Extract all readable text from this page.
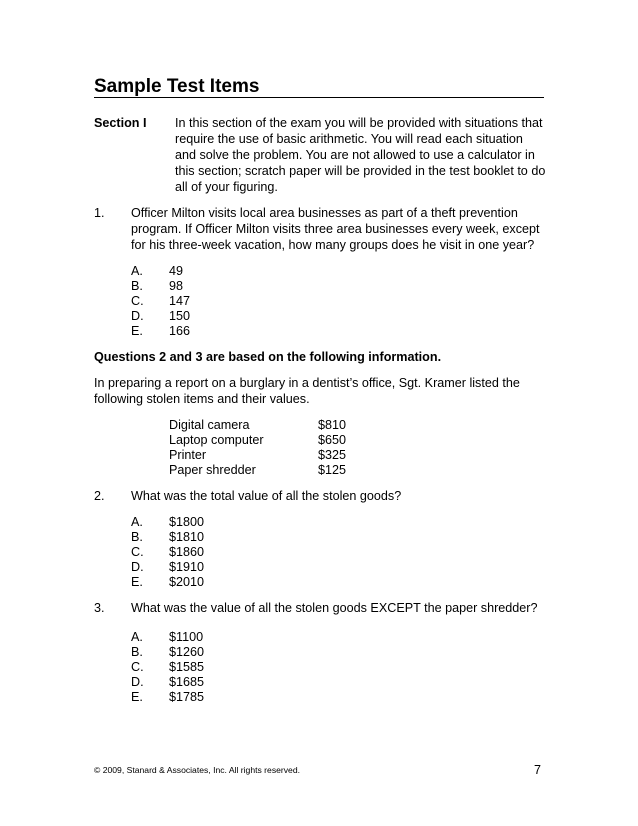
Sample Test Items
Section I In this section of the exam you will be provided with situations that
require the use of basic arithmetic. You will read each situation
and solve the problem. You are not allowed to use a calculator in
this section; scratch paper will be provided in the test booklet to do
all of your figuring.
1. Officer Milton visits local area businesses as part of a theft prevention
program. If Officer Milton visits three area businesses every week, except
for his three-week vacation, how many groups does he visit in one year?
A. 49
B. 98
C. 147
D. 150
E. 166
Questions 2 and 3 are based on the following information.
In preparing a report on a burglary in a dentist’s office, Sgt. Kramer listed the
following stolen items and their values.
Digital camera	$810
Laptop computer	$650
Printer	$325
Paper shredder	$125
2. What was the total value of all the stolen goods?
A. $1800
B. $1810
C. $1860
D. $1910
E. $2010
3. What was the value of all the stolen goods EXCEPT the paper shredder?
A. $1100
B. $1260
C. $1585
D. $1685
E. $1785
© 2009, Stanard & Associates, Inc. All rights reserved.	7
